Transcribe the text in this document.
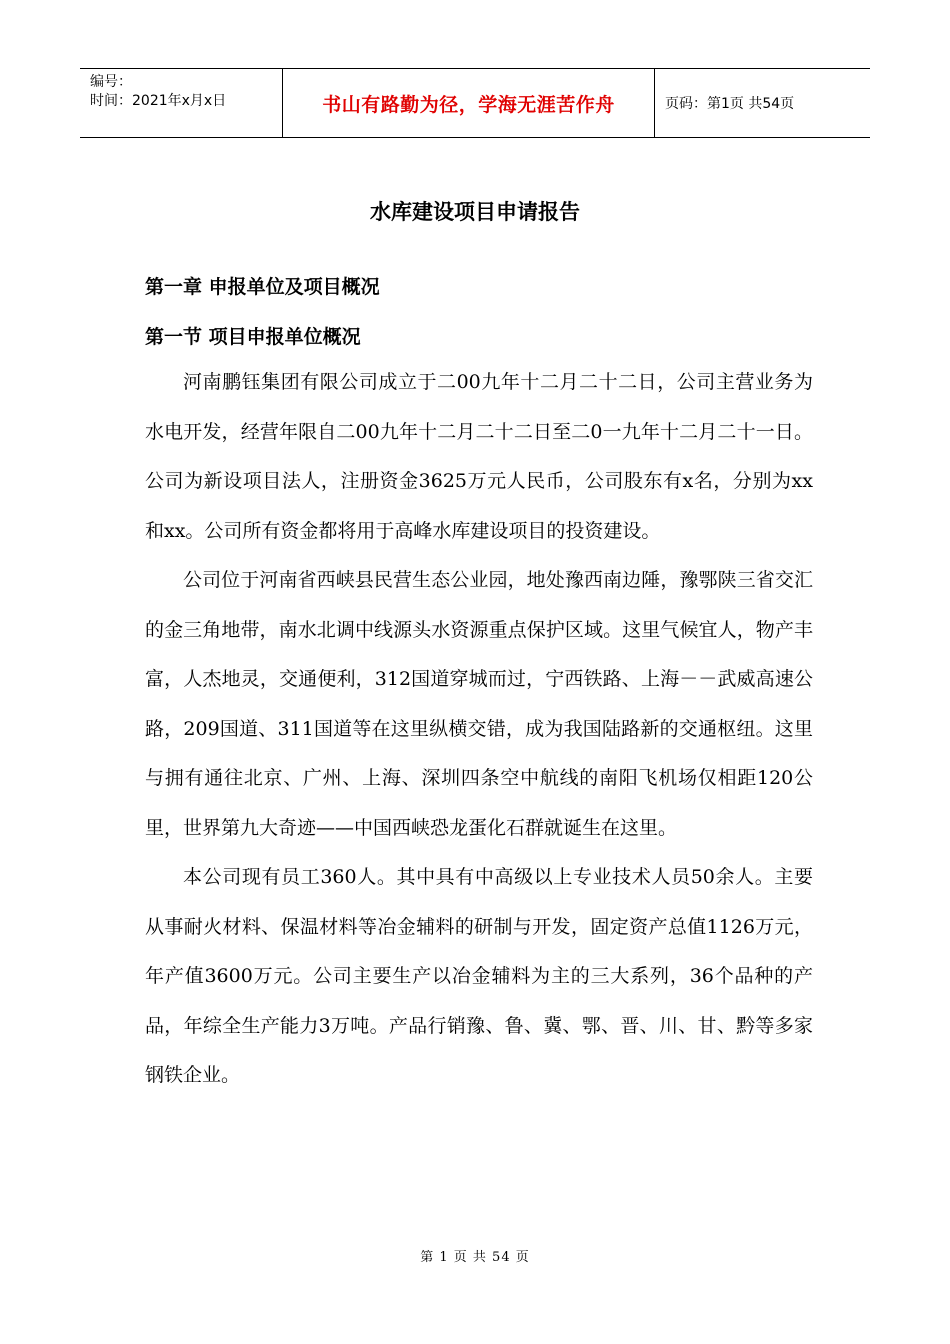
编号：
时间：2021年x月x日	书山有路勤为径，学海无涯苦作舟	页码：第1页 共54页
水库建设项目申请报告
第一章 申报单位及项目概况
第一节 项目申报单位概况

河南鹏钰集团有限公司成立于二00九年十二月二十二日，公司主营业务为水电开发，经营年限自二00九年十二月二十二日至二0一九年十二月二十一日。公司为新设项目法人，注册资金3625万元人民币，公司股东有x名，分别为xx和xx。公司所有资金都将用于高峰水库建设项目的投资建设。

公司位于河南省西峡县民营生态公业园，地处豫西南边陲，豫鄂陕三省交汇的金三角地带，南水北调中线源头水资源重点保护区域。这里气候宜人，物产丰富，人杰地灵，交通便利，312国道穿城而过，宁西铁路、上海－－武威高速公路，209国道、311国道等在这里纵横交错，成为我国陆路新的交通枢纽。这里与拥有通往北京、广州、上海、深圳四条空中航线的南阳飞机场仅相距120公里，世界第九大奇迹——中国西峡恐龙蛋化石群就诞生在这里。

本公司现有员工360人。其中具有中高级以上专业技术人员50余人。主要从事耐火材料、保温材料等冶金辅料的研制与开发，固定资产总值1126万元，年产值3600万元。公司主要生产以冶金辅料为主的三大系列，36个品种的产品，年综全生产能力3万吨。产品行销豫、鲁、冀、鄂、晋、川、甘、黔等多家钢铁企业。

第 1 页 共 54 页
